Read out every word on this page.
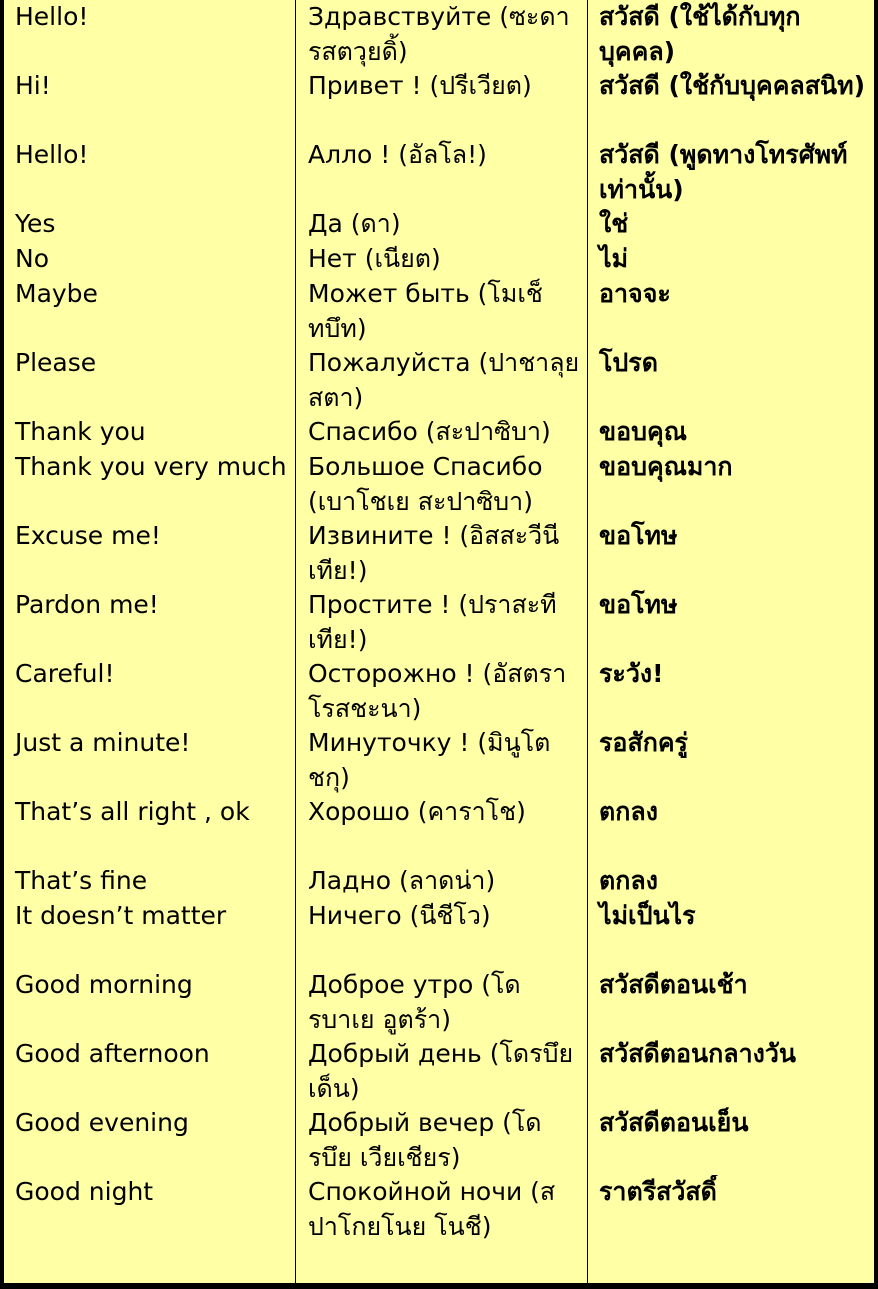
Hello!	Здравствуйте (ซะดารสตวุยดิ้)	สวัสดี (ใช้ได้กับทุกบุคคล)
Hi!	Привет ! (ปรีเวียต)	สวัสดี (ใช้กับบุคคลสนิท)
Hello!	Алло ! (อัลโล!)	สวัสดี (พูดทางโทรศัพท์เท่านั้น)
Yes	Да (ดา)	ใช่
No	Нет (เนียต)	ไม่
Maybe	Может быть (โมเช็ทบึท)	อาจจะ
Please	Пожалуйста (ปาชาลุยสตา)	โปรด
Thank you	Спасибо (สะปาซิบา)	ขอบคุณ
Thank you very much	Большое Спасибо (เบาโชเย สะปาซิบา)	ขอบคุณมาก
Excuse me!	Извините ! (อิสสะวีนีเทีย!)	ขอโทษ
Pardon me!	Простите ! (ปราสะทีเทีย!)	ขอโทษ
Careful!	Осторожно ! (อัสตราโรสชะนา)	ระวัง!
Just a minute!	Минуточку ! (มินูโตชกุ)	รอสักครู่
That’s all right , ok	Хорошо (คาราโช)	ตกลง
That’s fine	Ладно (ลาดน่า)	ตกลง
It doesn’t matter	Ничего (นีชีโว)	ไม่เป็นไร
Good morning	Доброе утро (โดรบาเย อูตร้า)	สวัสดีตอนเช้า
Good afternoon	Добрый день (โดรบึย เด็น)	สวัสดีตอนกลางวัน
Good evening	Добрый вечер (โดรบึย เวียเชียร)	สวัสดีตอนเย็น
Good night	Спокойной ночи (สปาโกยโนย โนชี)	ราตรีสวัสดิ์
